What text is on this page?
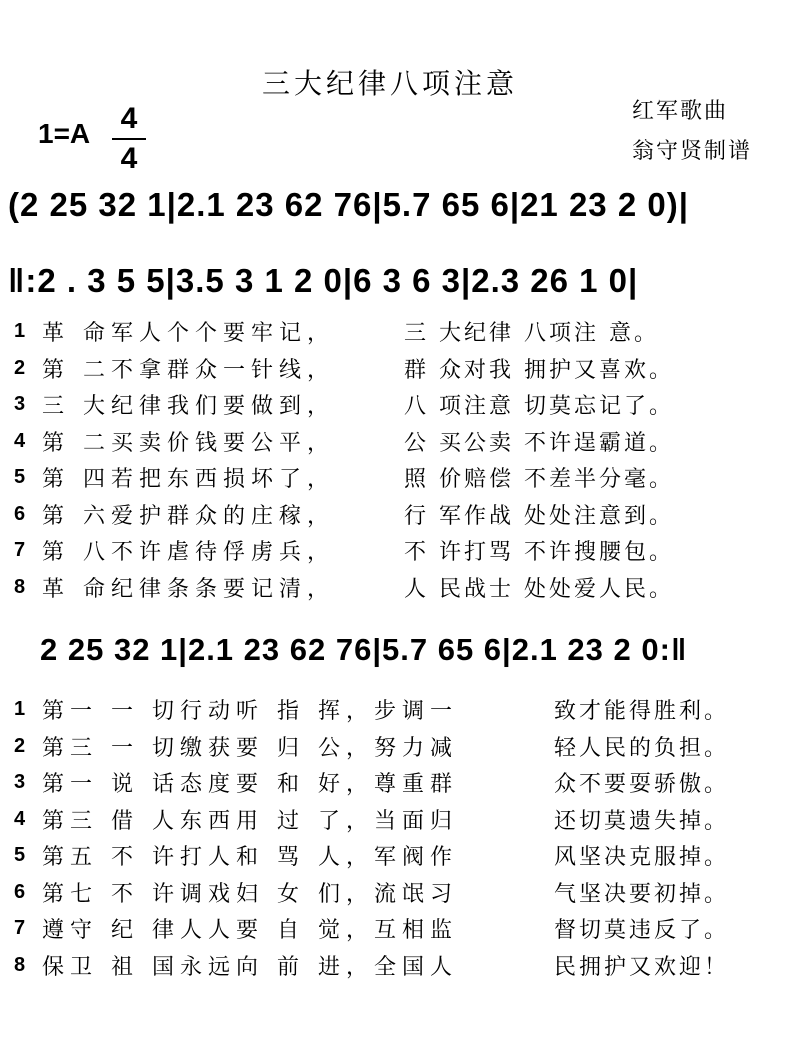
三大纪律八项注意
1=A 4
4
红军歌曲
翁守贤制谱
(2 25 32 1|2.1 23 62 76|5.7 65 6|21 23 2 0)|
‖:2 . 3 5 5|3.5 3 1 2 0|6 3 6 3|2.3 26 1 0|
1 革 命军人个个要牢记，	三 大纪律 八项注 意。
2 第 二不拿群众一针线，	群 众对我 拥护又喜欢。
3 三 大纪律我们要做到，	八 项注意 切莫忘记了。
4 第 二买卖价钱要公平，	公 买公卖 不许逞霸道。
5 第 四若把东西损坏了，	照 价赔偿 不差半分毫。
6 第 六爱护群众的庄稼，	行 军作战 处处注意到。
7 第 八不许虐待俘虏兵，	不 许打骂 不许搜腰包。
8 革 命纪律条条要记清，	人 民战士 处处爱人民。
2 25 32 1|2.1 23 62 76|5.7 65 6|2.1 23 2 0:‖
1 第一 一 切行动听 指 挥，步调一	致才能得胜利。
2 第三 一 切缴获要 归 公，努力减	轻人民的负担。
3 第一 说 话态度要 和 好，尊重群	众不要耍骄傲。
4 第三 借 人东西用 过 了，当面归	还切莫遗失掉。
5 第五 不 许打人和 骂 人，军阀作	风坚决克服掉。
6 第七 不 许调戏妇 女 们，流氓习	气坚决要初掉。
7 遵守 纪 律人人要 自 觉，互相监	督切莫违反了。
8 保卫 祖 国永远向 前 进，全国人	民拥护又欢迎！
